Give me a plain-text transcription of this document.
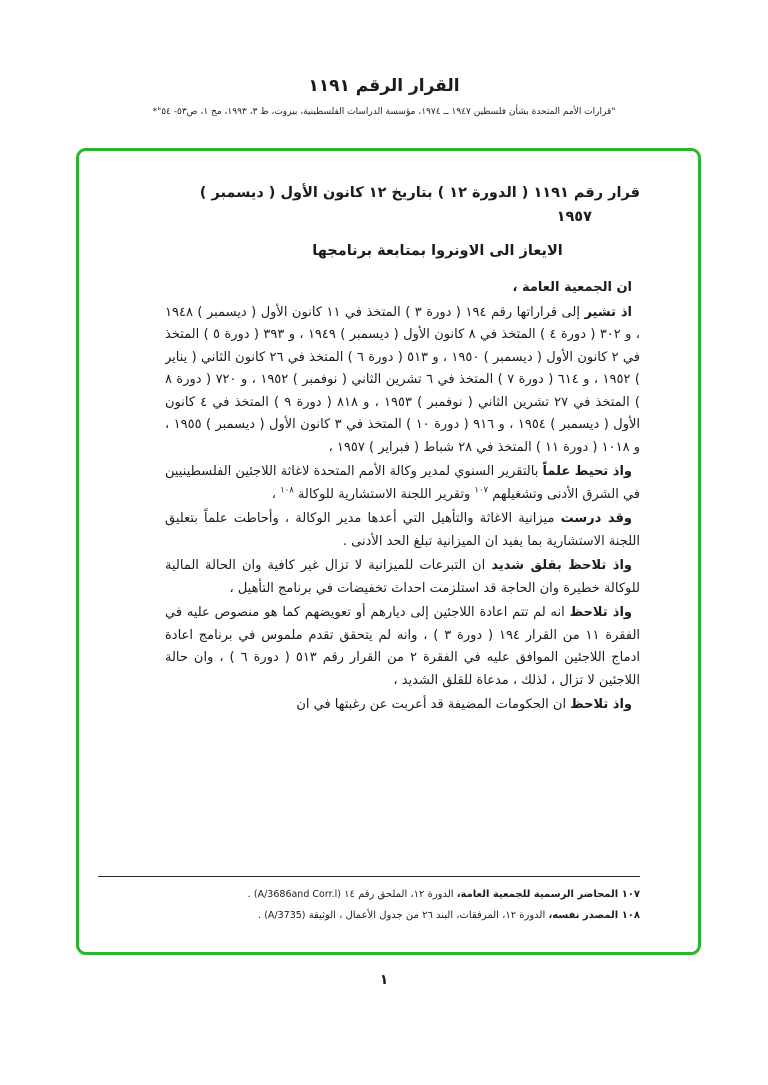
القرار الرقم ١١٩١
"قرارات الأمم المتحدة بشأن فلسطين ١٩٤٧ ــ ١٩٧٤، مؤسسة الدراسات الفلسطينية، بيروت، ط ٣، ١٩٩٣، مج ١، ص٥٣- ٥٤"*
قرار رقم ١١٩١ ( الدورة ١٢ ) بتاريخ ١٢ كانون الأول ( ديسمبر )
١٩٥٧
الايعاز الى الاونروا بمتابعة برنامجها

ان الجمعية العامة ،

اذ تشير إلى قراراتها رقم ١٩٤ ( دورة ٣ ) المتخذ في ١١ كانون الأول ( ديسمبر ) ١٩٤٨ ، و ٣٠٢ ( دورة ٤ ) المتخذ في ٨ كانون الأول ( ديسمبر ) ١٩٤٩ ، و ٣٩٣ ( دورة ٥ ) المتخذ في ٢ كانون الأول ( ديسمبر ) ١٩٥٠ ، و ٥١٣ ( دورة ٦ ) المتخذ في ٢٦ كانون الثاني ( يناير ) ١٩٥٢ ، و ٦١٤ ( دورة ٧ ) المتخذ في ٦ تشرين الثاني ( نوفمبر ) ١٩٥٢ ، و ٧٢٠ ( دورة ٨ ) المتخذ في ٢٧ تشرين الثاني ( نوفمبر ) ١٩٥٣ ، و ٨١٨ ( دورة ٩ ) المتخذ في ٤ كانون الأول ( ديسمبر ) ١٩٥٤ ، و ٩١٦ ( دورة ١٠ ) المتخذ في ٣ كانون الأول ( ديسمبر ) ١٩٥٥ ، و ١٠١٨ ( دورة ١١ ) المتخذ في ٢٨ شباط ( فبراير ) ١٩٥٧ ،

واذ تحيط علماً بالتقرير السنوي لمدير وكالة الأمم المتحدة لاغاثة اللاجئين الفلسطينيين في الشرق الأدنى وتشغيلهم $^{١٠٧}$ وتقرير اللجنة الاستشارية للوكالة $^{١٠٨}$ ،

وقد درست ميزانية الاغاثة والتأهيل التي أعدها مدير الوكالة ، وأحاطت علماً بتعليق اللجنة الاستشارية بما يفيد ان الميزانية تبلغ الحد الأدنى .

واذ تلاحظ بقلق شديد ان التبرعات للميزانية لا تزال غير كافية وان الحالة المالية للوكالة خطيرة وان الحاجة قد استلزمت احداث تخفيضات في برنامج التأهيل ،

واذ تلاحظ انه لم تتم اعادة اللاجئين إلى ديارهم أو تعويضهم كما هو منصوص عليه في الفقرة ١١ من القرار ١٩٤ ( دورة ٣ ) ، وانه لم يتحقق تقدم ملموس في برنامج اعادة ادماج اللاجئين الموافق عليه في الفقرة ٢ من القرار رقم ٥١٣ ( دورة ٦ ) ، وان حالة اللاجئين لا تزال ، لذلك ، مدعاة للقلق الشديد ،

واذ تلاحظ ان الحكومات المضيفة قد أعربت عن رغبتها في ان

١٠٧ المحاضر الرسمية للجمعية العامة، الدورة ١٢، الملحق رقم ١٤ (A/3686and Corr.l) .
١٠٨ المصدر نفسه، الدورة ١٢، المرفقات، البند ٢٦ من جدول الأعمال ، الوثيقة (A/3735) .
١
